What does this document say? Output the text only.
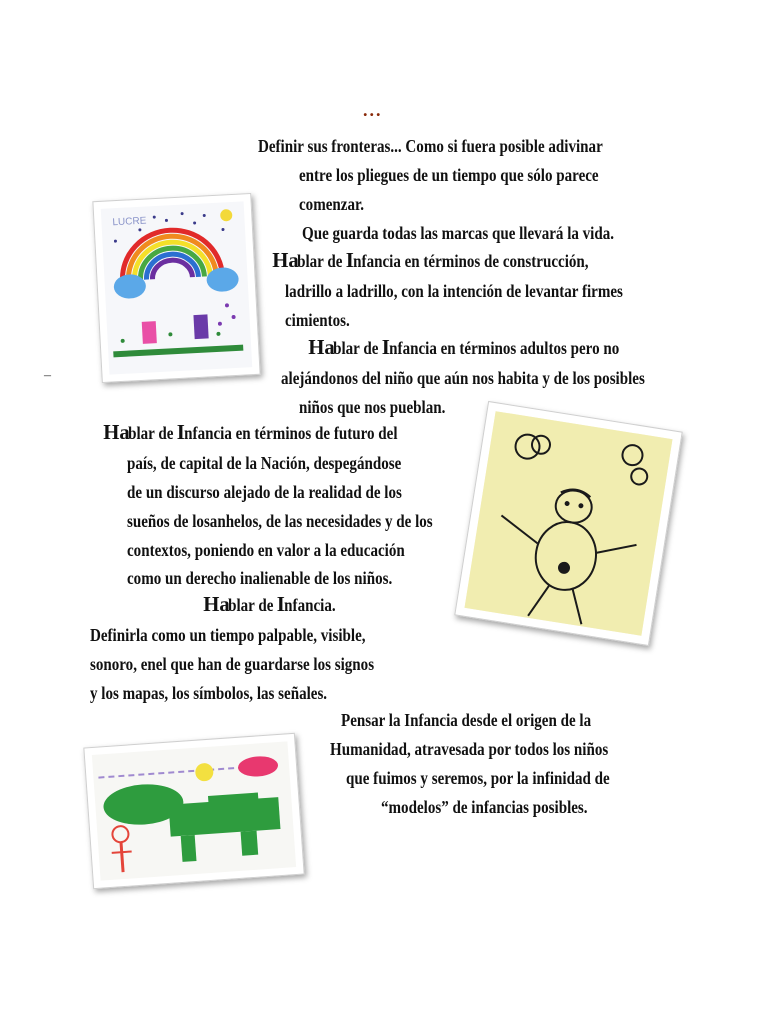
...
Definir sus fronteras... Como si fuera posible adivinar
entre los pliegues de un tiempo que sólo parece
comenzar.
Que guarda todas las marcas que llevará la vida.
Hablar de Infancia en términos de construcción,
ladrillo a ladrillo, con la intención de levantar firmes
cimientos.
Hablar de Infancia en términos adultos pero no
alejándonos del niño que aún nos habita y de los posibles
niños que nos pueblan.
–
Hablar de Infancia en términos de futuro del
país, de capital de la Nación, despegándose
de un discurso alejado de la realidad de los
sueños de losanhelos, de las necesidades y de los
contextos, poniendo en valor a la educación
como un derecho inalienable de los niños.
Hablar de Infancia.
Definirla como un tiempo palpable, visible,
sonoro, enel que han de guardarse los signos
y los mapas, los símbolos, las señales.
Pensar la Infancia desde el origen de la
Humanidad, atravesada por todos los niños
que fuimos y seremos, por la infinidad de
“modelos” de infancias posibles.
LUCRE
